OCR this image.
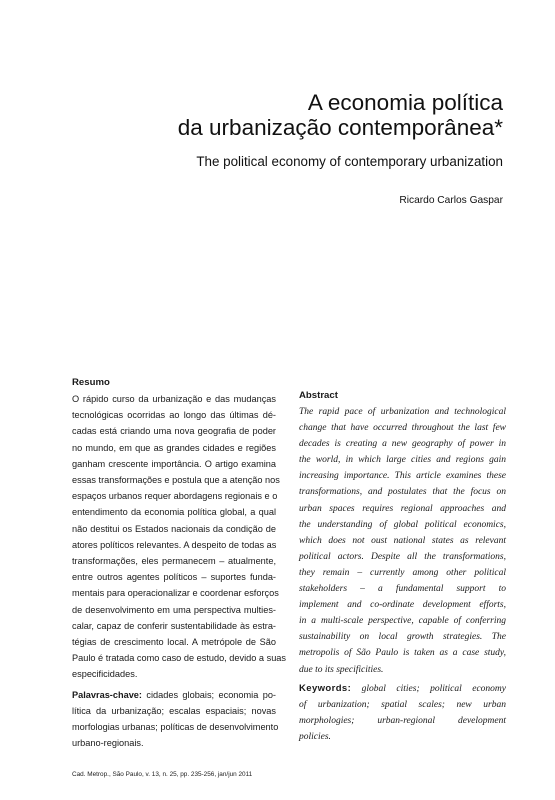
A economia política
da urbanização contemporânea*
The political economy of contemporary urbanization
Ricardo Carlos Gaspar
Resumo
O rápido curso da urbanização e das mudanças
tecnológicas ocorridas ao longo das últimas dé-
cadas está criando uma nova geografia de poder
no mundo, em que as grandes cidades e regiões
ganham crescente importância. O artigo examina
essas transformações e postula que a atenção nos
espaços urbanos requer abordagens regionais e o
entendimento da economia política global, a qual
não destitui os Estados nacionais da condição de
atores políticos relevantes. A despeito de todas as
transformações, eles permanecem – atualmente,
entre outros agentes políticos – suportes funda-
mentais para operacionalizar e coordenar esforços
de desenvolvimento em uma perspectiva multies-
calar, capaz de conferir sustentabilidade às estra-
tégias de crescimento local. A metrópole de São
Paulo é tratada como caso de estudo, devido a suas
especificidades.
Palavras-chave: cidades globais; economia po-
lítica da urbanização; escalas espaciais; novas
morfologias urbanas; políticas de desenvolvimento
urbano-regionais.
Abstract
The rapid pace of urbanization and technological
change that have occurred throughout the last few
decades is creating a new geography of power in
the world, in which large cities and regions gain
increasing importance. This article examines these
transformations, and postulates that the focus on
urban spaces requires regional approaches and
the understanding of global political economics,
which does not oust national states as relevant
political actors. Despite all the transformations,
they remain – currently among other political
stakeholders – a fundamental support to
implement and co-ordinate development efforts,
in a multi-scale perspective, capable of conferring
sustainability on local growth strategies. The
metropolis of São Paulo is taken as a case study,
due to its specificities.
Keywords: global cities; political economy
of urbanization; spatial scales; new urban
morphologies; urban-regional development
policies.
Cad. Metrop., São Paulo, v. 13, n. 25, pp. 235-256, jan/jun 2011
